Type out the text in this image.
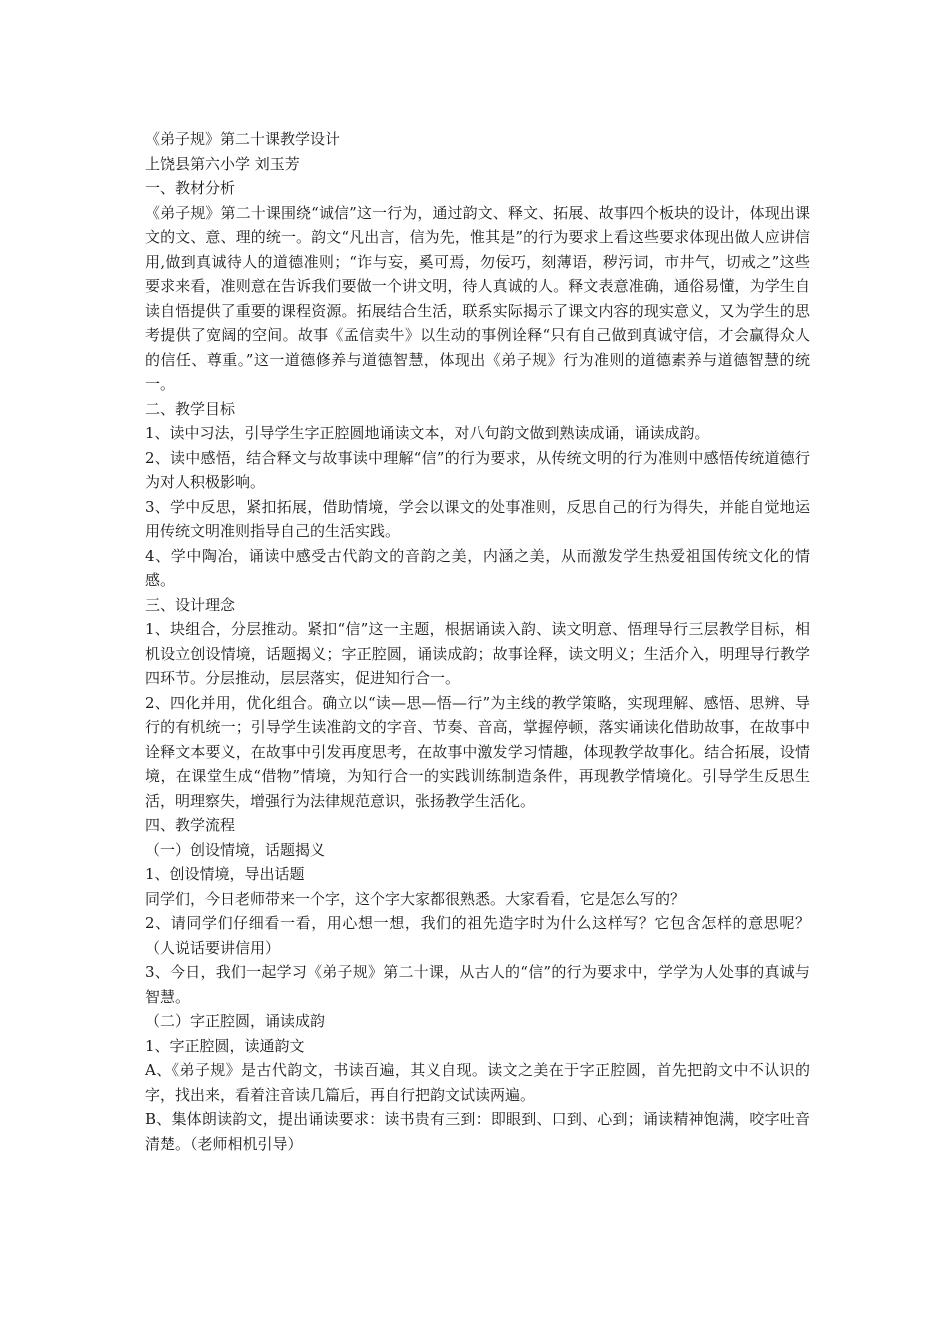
《弟子规》第二十课教学设计

上饶县第六小学 刘玉芳

一、教材分析

《弟子规》第二十课围绕“诚信”这一行为，通过韵文、释文、拓展、故事四个板块的设计，体现出课文的文、意、理的统一。韵文“凡出言，信为先，惟其是”的行为要求上看这些要求体现出做人应讲信用,做到真诚待人的道德准则；“诈与妄，奚可焉，勿佞巧，刻薄语，秽污词，市井气，切戒之”这些要求来看，准则意在告诉我们要做一个讲文明，待人真诚的人。释文表意准确，通俗易懂，为学生自读自悟提供了重要的课程资源。拓展结合生活，联系实际揭示了课文内容的现实意义，又为学生的思考提供了宽阔的空间。故事《孟信卖牛》以生动的事例诠释“只有自己做到真诚守信，才会赢得众人的信任、尊重。”这一道德修养与道德智慧，体现出《弟子规》行为准则的道德素养与道德智慧的统一。

二、教学目标

1、读中习法，引导学生字正腔圆地诵读文本，对八句韵文做到熟读成诵，诵读成韵。

2、读中感悟，结合释文与故事读中理解“信”的行为要求，从传统文明的行为准则中感悟传统道德行为对人积极影响。

3、学中反思，紧扣拓展，借助情境，学会以课文的处事准则，反思自己的行为得失，并能自觉地运用传统文明准则指导自己的生活实践。

4、学中陶冶，诵读中感受古代韵文的音韵之美，内涵之美，从而激发学生热爱祖国传统文化的情感。

三、设计理念

1、块组合，分层推动。紧扣“信”这一主题，根据诵读入韵、读文明意、悟理导行三层教学目标，相机设立创设情境，话题揭义；字正腔圆，诵读成韵；故事诠释，读文明义；生活介入，明理导行教学四环节。分层推动，层层落实，促进知行合一。

2、四化并用，优化组合。确立以“读—思—悟—行”为主线的教学策略，实现理解、感悟、思辨、导行的有机统一；引导学生读准韵文的字音、节奏、音高，掌握停顿，落实诵读化借助故事，在故事中诠释文本要义，在故事中引发再度思考，在故事中激发学习情趣，体现教学故事化。结合拓展，设情境，在课堂生成“借物”情境，为知行合一的实践训练制造条件，再现教学情境化。引导学生反思生活，明理察失，增强行为法律规范意识，张扬教学生活化。

四、教学流程

（一）创设情境，话题揭义

1、创设情境，导出话题

同学们，今日老师带来一个字，这个字大家都很熟悉。大家看看，它是怎么写的？

2、请同学们仔细看一看，用心想一想，我们的祖先造字时为什么这样写？它包含怎样的意思呢？（人说话要讲信用）

3、今日，我们一起学习《弟子规》第二十课，从古人的“信”的行为要求中，学学为人处事的真诚与智慧。

（二）字正腔圆，诵读成韵

1、字正腔圆，读通韵文

A、《弟子规》是古代韵文，书读百遍，其义自现。读文之美在于字正腔圆，首先把韵文中不认识的字，找出来，看着注音读几篇后，再自行把韵文试读两遍。

B、集体朗读韵文，提出诵读要求：读书贵有三到：即眼到、口到、心到；诵读精神饱满，咬字吐音清楚。（老师相机引导）
